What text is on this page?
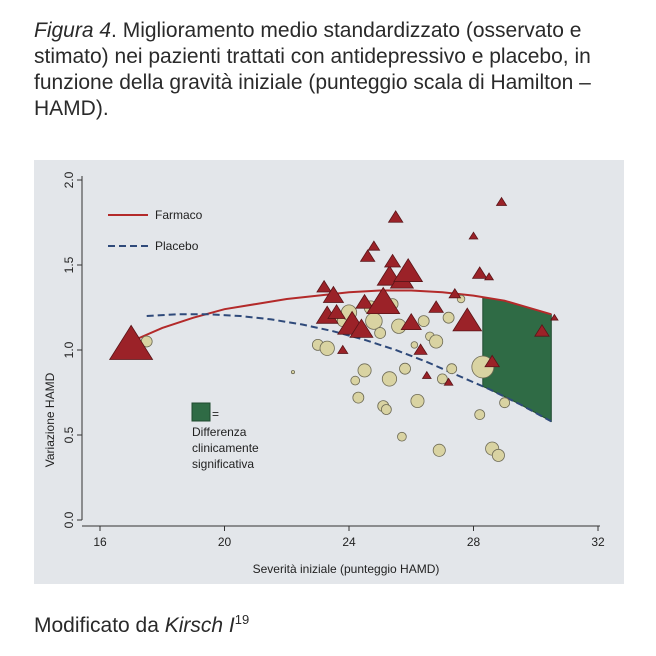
Figura 4. Miglioramento medio standardizzato (osservato e stimato) nei pazienti trattati con antidepressivo e placebo, in funzione della gravità iniziale (punteggio scala di Hamilton – HAMD).
16	20	24	28	32
0.0
0.5
1.0
1.5
2.0
Farmaco
Placebo
=
Differenza
clinicamente
significativa
Severità iniziale (punteggio HAMD)
Variazione HAMD
Modificato da Kirsch $I^{19}$
